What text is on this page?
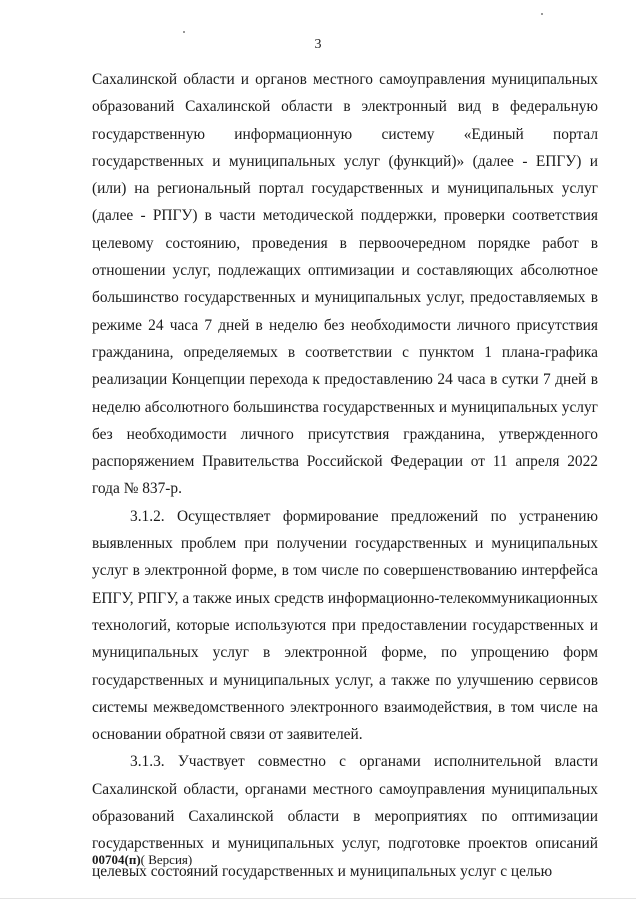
3

Сахалинской области и органов местного самоуправления муниципальных образований Сахалинской области в электронный вид в федеральную государственную информационную систему «Единый портал государственных и муниципальных услуг (функций)» (далее - ЕПГУ) и (или) на региональный портал государственных и муниципальных услуг (далее - РПГУ) в части методической поддержки, проверки соответствия целевому состоянию, проведения в первоочередном порядке работ в отношении услуг, подлежащих оптимизации и составляющих абсолютное большинство государственных и муниципальных услуг, предоставляемых в режиме 24 часа 7 дней в неделю без необходимости личного присутствия гражданина, определяемых в соответствии с пунктом 1 плана-графика реализации Концепции перехода к предоставлению 24 часа в сутки 7 дней в неделю абсолютного большинства государственных и муниципальных услуг без необходимости личного присутствия гражданина, утвержденного распоряжением Правительства Российской Федерации от 11 апреля 2022 года № 837-р.

3.1.2. Осуществляет формирование предложений по устранению выявленных проблем при получении государственных и муниципальных услуг в электронной форме, в том числе по совершенствованию интерфейса ЕПГУ, РПГУ, а также иных средств информационно-телекоммуникационных технологий, которые используются при предоставлении государственных и муниципальных услуг в электронной форме, по упрощению форм государственных и муниципальных услуг, а также по улучшению сервисов системы межведомственного электронного взаимодействия, в том числе на основании обратной связи от заявителей.

3.1.3. Участвует совместно с органами исполнительной власти Сахалинской области, органами местного самоуправления муниципальных образований Сахалинской области в мероприятиях по оптимизации государственных и муниципальных услуг, подготовке проектов описаний целевых состояний государственных и муниципальных услуг с целью

00704(п)( Версия)
